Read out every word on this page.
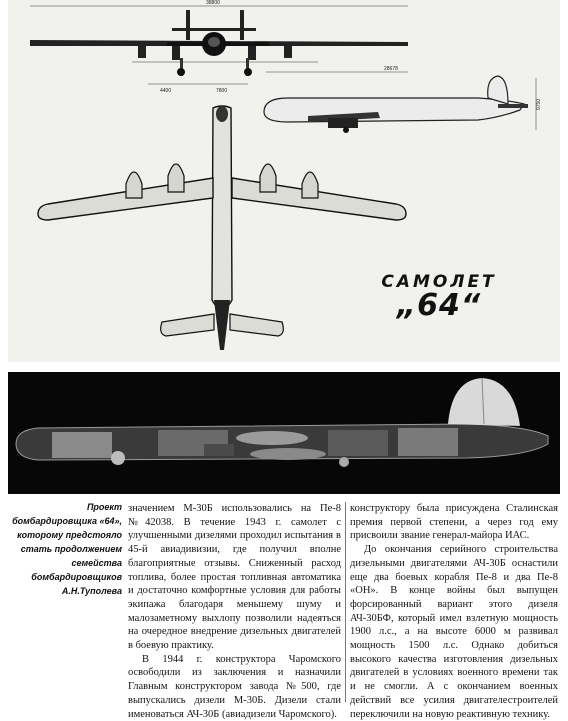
38800
4400	7800
28678
9750
САМОЛЕТ
„64“
Проект бомбардировщика «64», которому предстояло стать продолжением семейства бомбардировщиков А.Н.Туполева

значением М-30Б использовались на Пе-8 №42038. В течение 1943 г. самолет с улучшенными дизелями проходил испытания в 45-й авиадивизии, где получил вполне благоприятные отзывы. Сниженный расход топлива, более простая топливная автоматика и достаточно комфортные условия для работы экипажа благодаря меньшему шуму и малозаметному выхлопу позволили надеяться на очередное внедрение дизельных двигателей в боевую практику.

В 1944 г. конструктора Чаромского освободили из заключения и назначили Главным конструктором завода №500, где выпускались дизели М-30Б. Дизели стали именоваться АЧ-30Б (авиадизели Чаромского).

конструктору была присуждена Сталинская премия первой степени, а через год ему присвоили звание генерал-майора ИАС.

До окончания серийного строительства дизельными двигателями АЧ-30Б оснастили еще два боевых корабля Пе-8 и два Пе-8 «ОН». В конце войны был выпущен форсированный вариант этого дизеля АЧ-30БФ, который имел взлетную мощность 1900 л.с., а на высоте 6000 м развивал мощность 1500 л.с. Однако добиться высокого качества изготовления дизельных двигателей в условиях военного времени так и не смогли. А с окончанием военных действий все усилия двигателестроителей переключили на новую реактивную технику.
